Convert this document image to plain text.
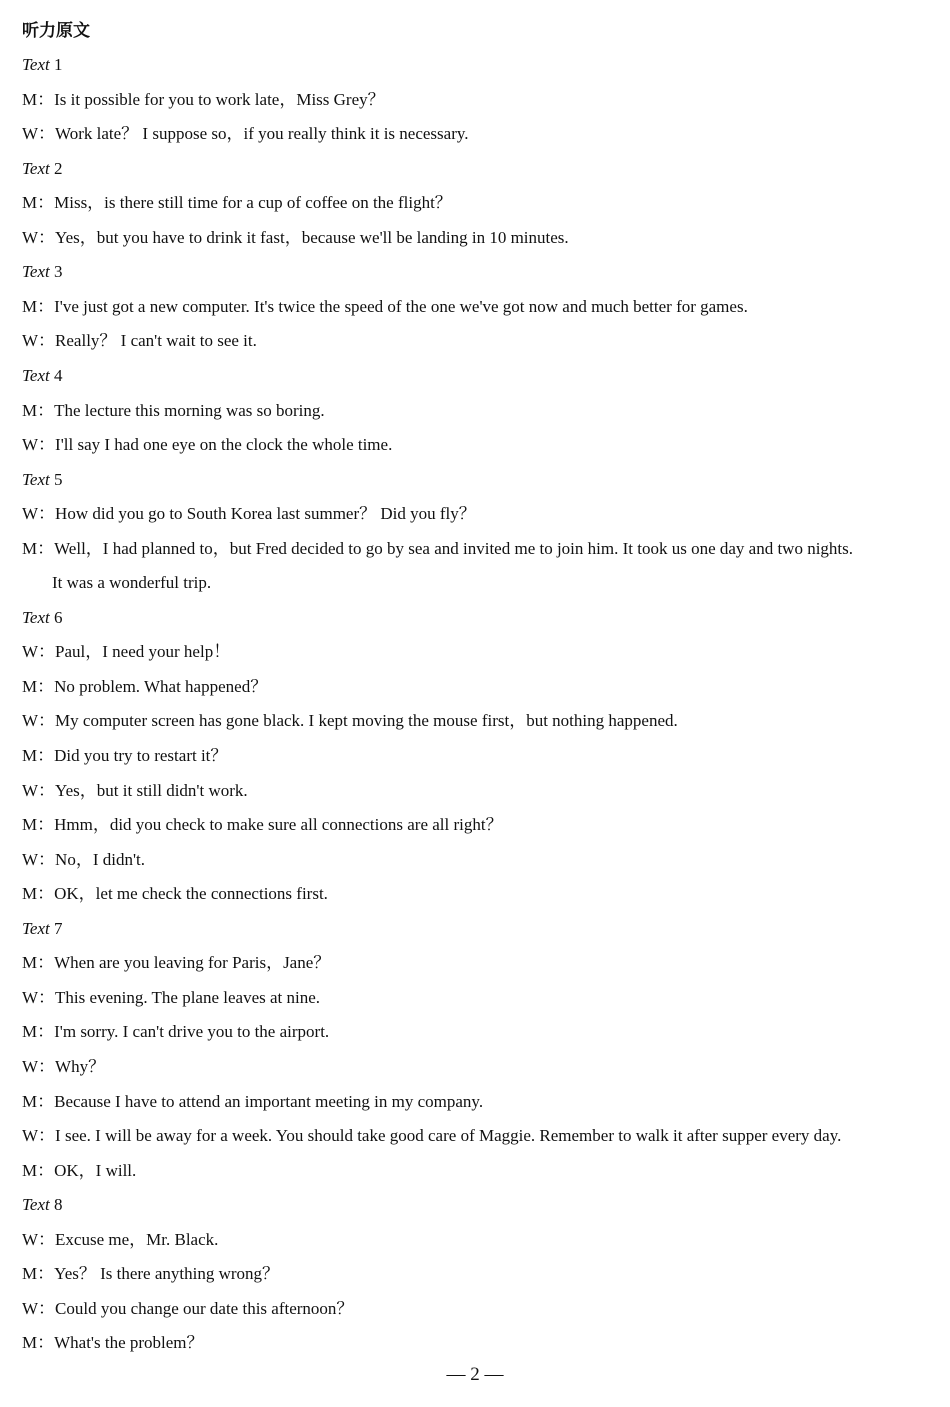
听力原文
Text 1
M：Is it possible for you to work late，Miss Grey？
W：Work late？ I suppose so，if you really think it is necessary.
Text 2
M：Miss，is there still time for a cup of coffee on the flight？
W：Yes，but you have to drink it fast，because we'll be landing in 10 minutes.
Text 3
M：I've just got a new computer. It's twice the speed of the one we've got now and much better for games.
W：Really？ I can't wait to see it.
Text 4
M：The lecture this morning was so boring.
W：I'll say I had one eye on the clock the whole time.
Text 5
W：How did you go to South Korea last summer？ Did you fly？
M：Well，I had planned to，but Fred decided to go by sea and invited me to join him. It took us one day and two nights.
It was a wonderful trip.
Text 6
W：Paul，I need your help！
M：No problem. What happened？
W：My computer screen has gone black. I kept moving the mouse first，but nothing happened.
M：Did you try to restart it？
W：Yes，but it still didn't work.
M：Hmm，did you check to make sure all connections are all right？
W：No，I didn't.
M：OK，let me check the connections first.
Text 7
M：When are you leaving for Paris，Jane？
W：This evening. The plane leaves at nine.
M：I'm sorry. I can't drive you to the airport.
W：Why？
M：Because I have to attend an important meeting in my company.
W：I see. I will be away for a week. You should take good care of Maggie. Remember to walk it after supper every day.
M：OK，I will.
Text 8
W：Excuse me，Mr. Black.
M：Yes？ Is there anything wrong？
W：Could you change our date this afternoon？
M：What's the problem？
— 2 —
